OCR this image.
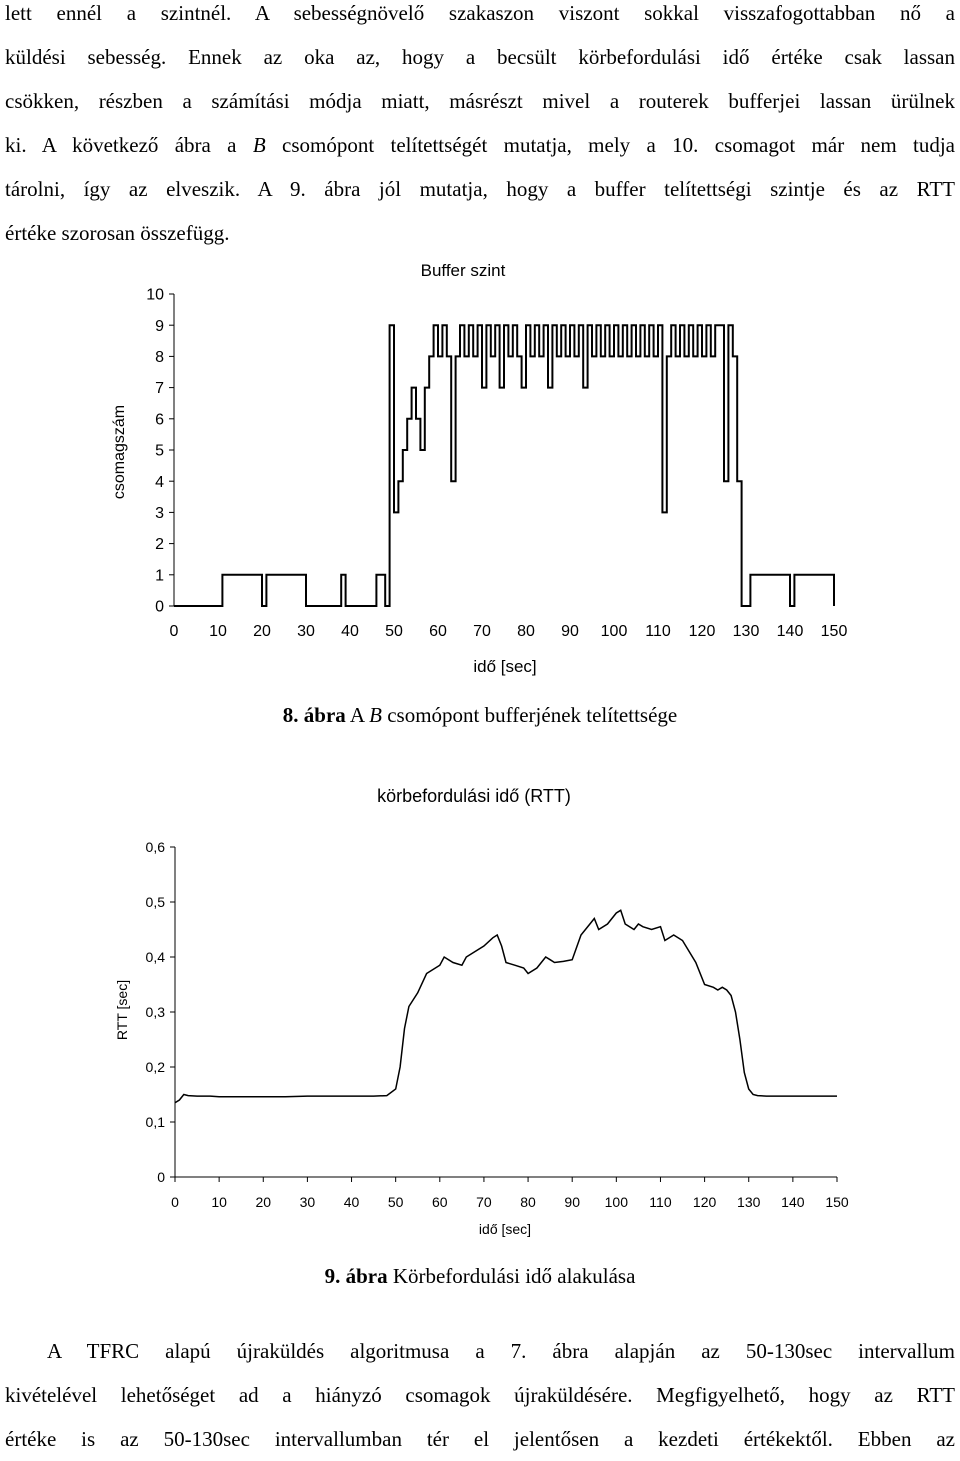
lett ennél a szintnél. A sebességnövelő szakaszon viszont sokkal visszafogottabban nő a
küldési sebesség. Ennek az oka az, hogy a becsült körbefordulási idő értéke csak lassan
csökken, részben a számítási módja miatt, másrészt mivel a routerek bufferjei lassan ürülnek
ki. A következő ábra a B csomópont telítettségét mutatja, mely a 10. csomagot már nem tudja
tárolni, így az elveszik. A 9. ábra jól mutatja, hogy a buffer telítettségi szintje és az RTT
értéke szorosan összefügg.
Buffer szint
csomagszám
idő [sec]
0
1
2
3
4
5
6
7
8
9
10
0 10 20 30 40 50 60 70 80 90 100 110 120 130 140 150
8. ábra A B csomópont bufferjének telítettsége
körbefordulási idő (RTT)
RTT [sec]
idő [sec]
0
0,1
0,2
0,3
0,4
0,5
0,6
0 10 20 30 40 50 60 70 80 90 100 110 120 130 140 150
9. ábra Körbefordulási idő alakulása
A TFRC alapú újraküldés algoritmusa a 7. ábra alapján az 50-130sec intervallum
kivételével lehetőséget ad a hiányzó csomagok újraküldésére. Megfigyelhető, hogy az RTT
értéke is az 50-130sec intervallumban tér el jelentősen a kezdeti értékektől. Ebben az
